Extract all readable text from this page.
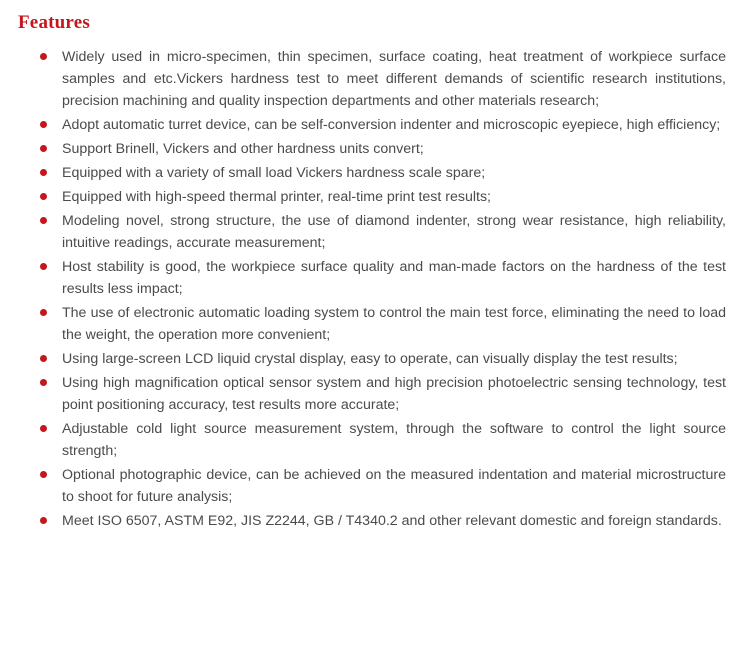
Features
Widely used in micro-specimen, thin specimen, surface coating, heat treatment of workpiece surface samples and etc.Vickers hardness test to meet different demands of scientific research institutions, precision machining and quality inspection departments and other materials research;
Adopt automatic turret device, can be self-conversion indenter and microscopic eyepiece, high efficiency;
Support Brinell, Vickers and other hardness units convert;
Equipped with a variety of small load Vickers hardness scale spare;
Equipped with high-speed thermal printer, real-time print test results;
Modeling novel, strong structure, the use of diamond indenter, strong wear resistance, high reliability, intuitive readings, accurate measurement;
Host stability is good, the workpiece surface quality and man-made factors on the hardness of the test results less impact;
The use of electronic automatic loading system to control the main test force, eliminating the need to load the weight, the operation more convenient;
Using large-screen LCD liquid crystal display, easy to operate, can visually display the test results;
Using high magnification optical sensor system and high precision photoelectric sensing technology, test point positioning accuracy, test results more accurate;
Adjustable cold light source measurement system, through the software to control the light source strength;
Optional photographic device, can be achieved on the measured indentation and material microstructure to shoot for future analysis;
Meet ISO 6507, ASTM E92, JIS Z2244, GB / T4340.2 and other relevant domestic and foreign standards.
